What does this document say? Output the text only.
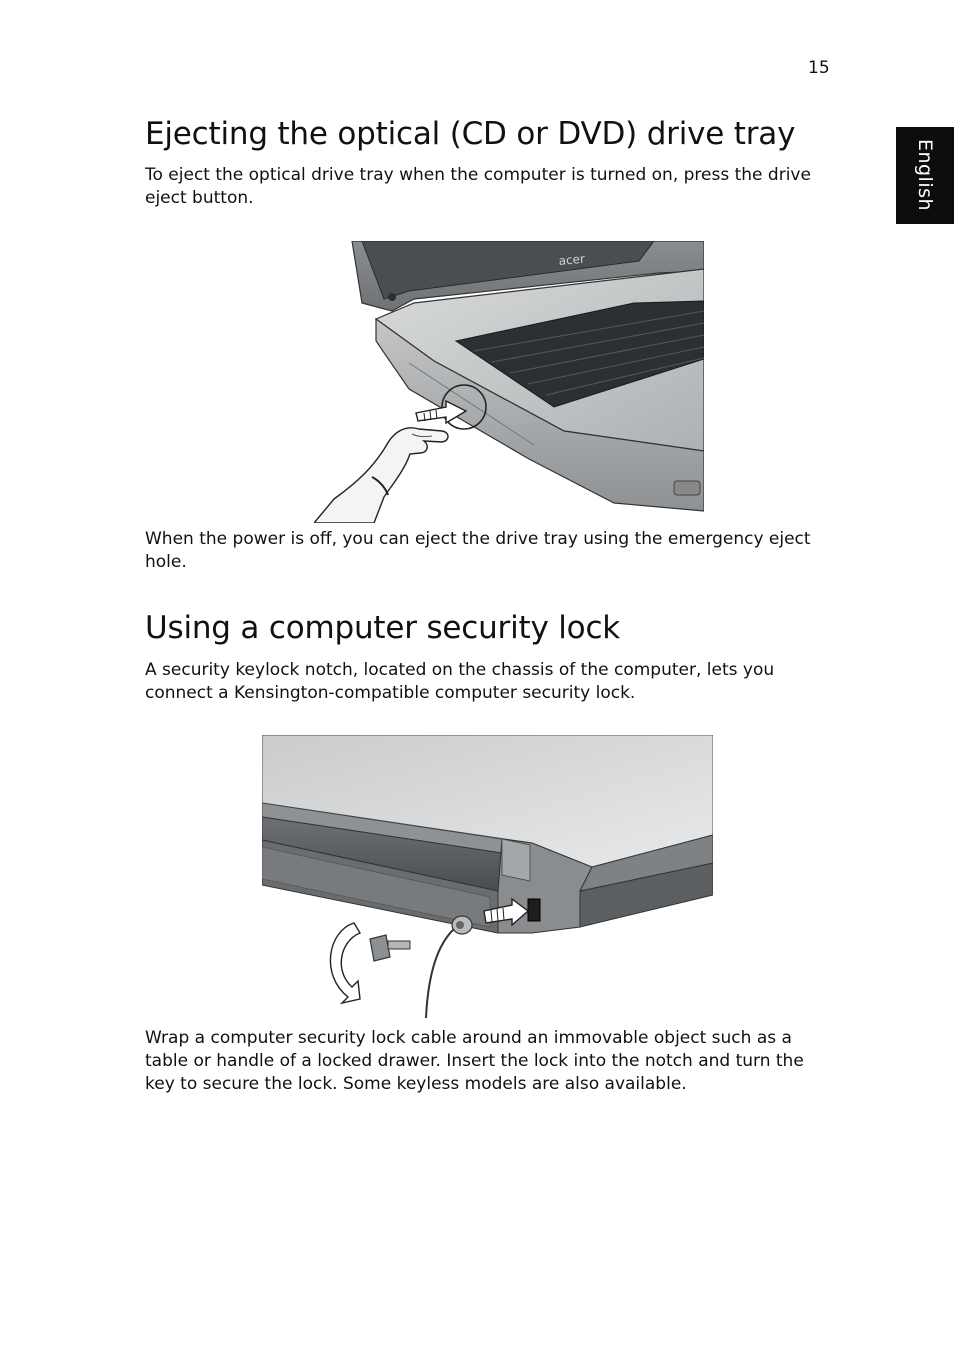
15
English
Ejecting the optical (CD or DVD) drive tray

To eject the optical drive tray when the computer is turned on, press the drive eject button.

acer

When the power is off, you can eject the drive tray using the emergency eject hole.

Using a computer security lock

A security keylock notch, located on the chassis of the computer, lets you connect a Kensington-compatible computer security lock.

Wrap a computer security lock cable around an immovable object such as a table or handle of a locked drawer. Insert the lock into the notch and turn the key to secure the lock. Some keyless models are also available.
